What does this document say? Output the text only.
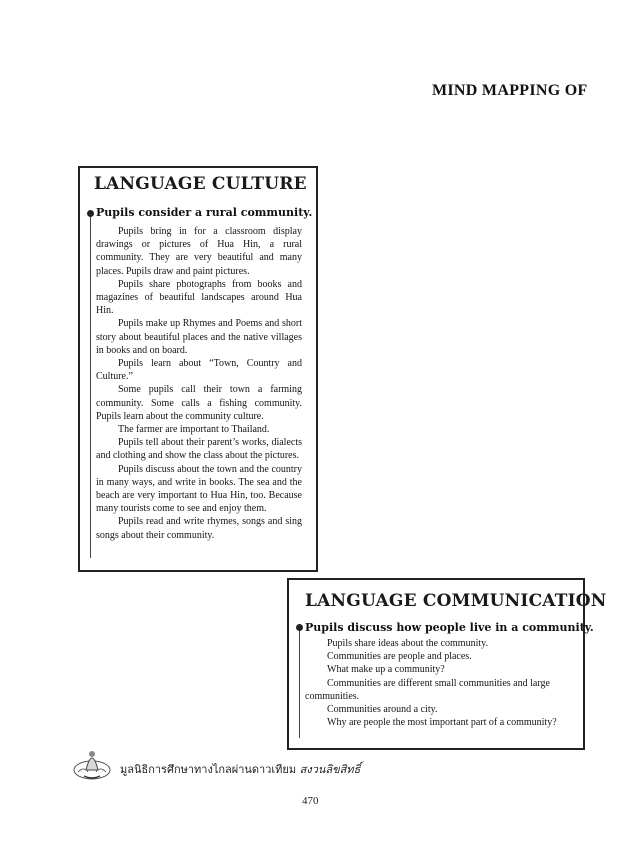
MIND MAPPING OF
LANGUAGE CULTURE
Pupils consider a rural community.

Pupils bring in for a classroom display drawings or pictures of Hua Hin, a rural community. They are very beautiful and many places. Pupils draw and paint pictures.

Pupils share photographs from books and magazines of beautiful landscapes around Hua Hin.

Pupils make up Rhymes and Poems and short story about beautiful places and the native villages in books and on board.

Pupils learn about “Town, Country and Culture.”

Some pupils call their town a farming community. Some calls a fishing community. Pupils learn about the community culture.

The farmer are important to Thailand.

Pupils tell about their parent’s works, dialects and clothing and show the class about the pictures.

Pupils discuss about the town and the country in many ways, and write in books. The sea and the beach are very important to Hua Hin, too. Because many tourists come to see and enjoy them.

Pupils read and write rhymes, songs and sing songs about their community.

LANGUAGE COMMUNICATION
Pupils discuss how people live in a community.

Pupils share ideas about the community.

Communities are people and places.

What make up a community?

Communities are different small communities and large communities.

Communities around a city.

Why are people the most important part of a community?

มูลนิธิการศึกษาทางไกลผ่านดาวเทียม สงวนลิขสิทธิ์
470
